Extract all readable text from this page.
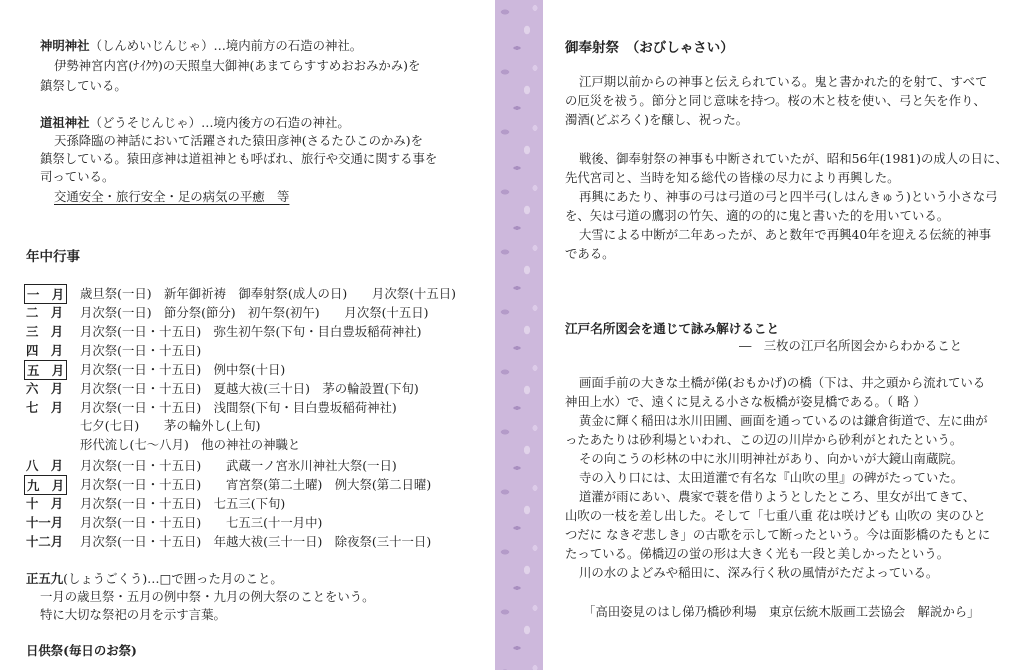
神明神社（しんめいじんじゃ）…境内前方の石造の神社。
伊勢神宮内宮(ﾅｲｸｳ)の天照皇大御神(あまてらすすめおおみかみ)を
鎮祭している。
道祖神社（どうそじんじゃ）…境内後方の石造の神社。
天孫降臨の神話において活躍された猿田彦神(さるたひこのかみ)を
鎮祭している。猿田彦神は道祖神とも呼ばれ、旅行や交通に関する事を
司っている。
交通安全・旅行安全・足の病気の平癒　等
年中行事
一　月 歳旦祭(一日)　新年御祈祷　御奉射祭(成人の日)　　月次祭(十五日)
二　月 月次祭(一日)　節分祭(節分)　初午祭(初午)　　月次祭(十五日)
三　月 月次祭(一日・十五日)　弥生初午祭(下旬・目白豊坂稲荷神社)
四　月 月次祭(一日・十五日)
五　月 月次祭(一日・十五日)　例中祭(十日)
六　月 月次祭(一日・十五日)　夏越大祓(三十日)　茅の輪設置(下旬)
七　月 月次祭(一日・十五日)　浅間祭(下旬・目白豊坂稲荷神社)
七夕(七日)　　茅の輪外し(上旬)
形代流し(七～八月)　他の神社の神職と
八　月 月次祭(一日・十五日)　　武蔵一ノ宮氷川神社大祭(一日)
九　月 月次祭(一日・十五日)　　宵宮祭(第二土曜)　例大祭(第二日曜)
十　月 月次祭(一日・十五日)　七五三(下旬)
十一月 月次祭(一日・十五日)　　七五三(十一月中)
十二月 月次祭(一日・十五日)　年越大祓(三十一日)　除夜祭(三十一日)
正五九(しょうごくう)…□で囲った月のこと。
一月の歳旦祭・五月の例中祭・九月の例大祭のことをいう。
特に大切な祭祀の月を示す言葉。
日供祭(毎日のお祭)
御奉射祭　（おびしゃさい）
江戸期以前からの神事と伝えられている。鬼と書かれた的を射て、すべて
の厄災を祓う。節分と同じ意味を持つ。桜の木と枝を使い、弓と矢を作り、
濁酒(どぶろく)を醸し、祝った。
戦後、御奉射祭の神事も中断されていたが、昭和56年(1981)の成人の日に、
先代宮司と、当時を知る総代の皆様の尽力により再興した。
再興にあたり、神事の弓は弓道の弓と四半弓(しはんきゅう)という小さな弓
を、矢は弓道の鷹羽の竹矢、適的の的に鬼と書いた的を用いている。
大雪による中断が二年あったが、あと数年で再興40年を迎える伝統的神事
である。
江戸名所図会を通じて詠み解けること
―　三枚の江戸名所図会からわかること
画面手前の大きな土橋が俤(おもかげ)の橋（下は、井之頭から流れている
神田上水）で、遠くに見える小さな板橋が姿見橋である。（ 略 ）
黄金に輝く稲田は氷川田圃、画面を通っているのは鎌倉街道で、左に曲が
ったあたりは砂利場といわれ、この辺の川岸から砂利がとれたという。
その向こうの杉林の中に氷川明神社があり、向かいが大鏡山南蔵院。
寺の入り口には、太田道灌で有名な『山吹の里』の碑がたっていた。
道灌が雨にあい、農家で蓑を借りようとしたところ、里女が出てきて、
山吹の一枝を差し出した。そして「七重八重 花は咲けども 山吹の 実のひと
つだに なきぞ悲しき」の古歌を示して断ったという。今は面影橋のたもとに
たっている。俤橋辺の蛍の形は大きく光も一段と美しかったという。
川の水のよどみや稲田に、深み行く秋の風情がただよっている。
「高田姿見のはし俤乃橋砂利場　東京伝統木版画工芸協会　解説から」
